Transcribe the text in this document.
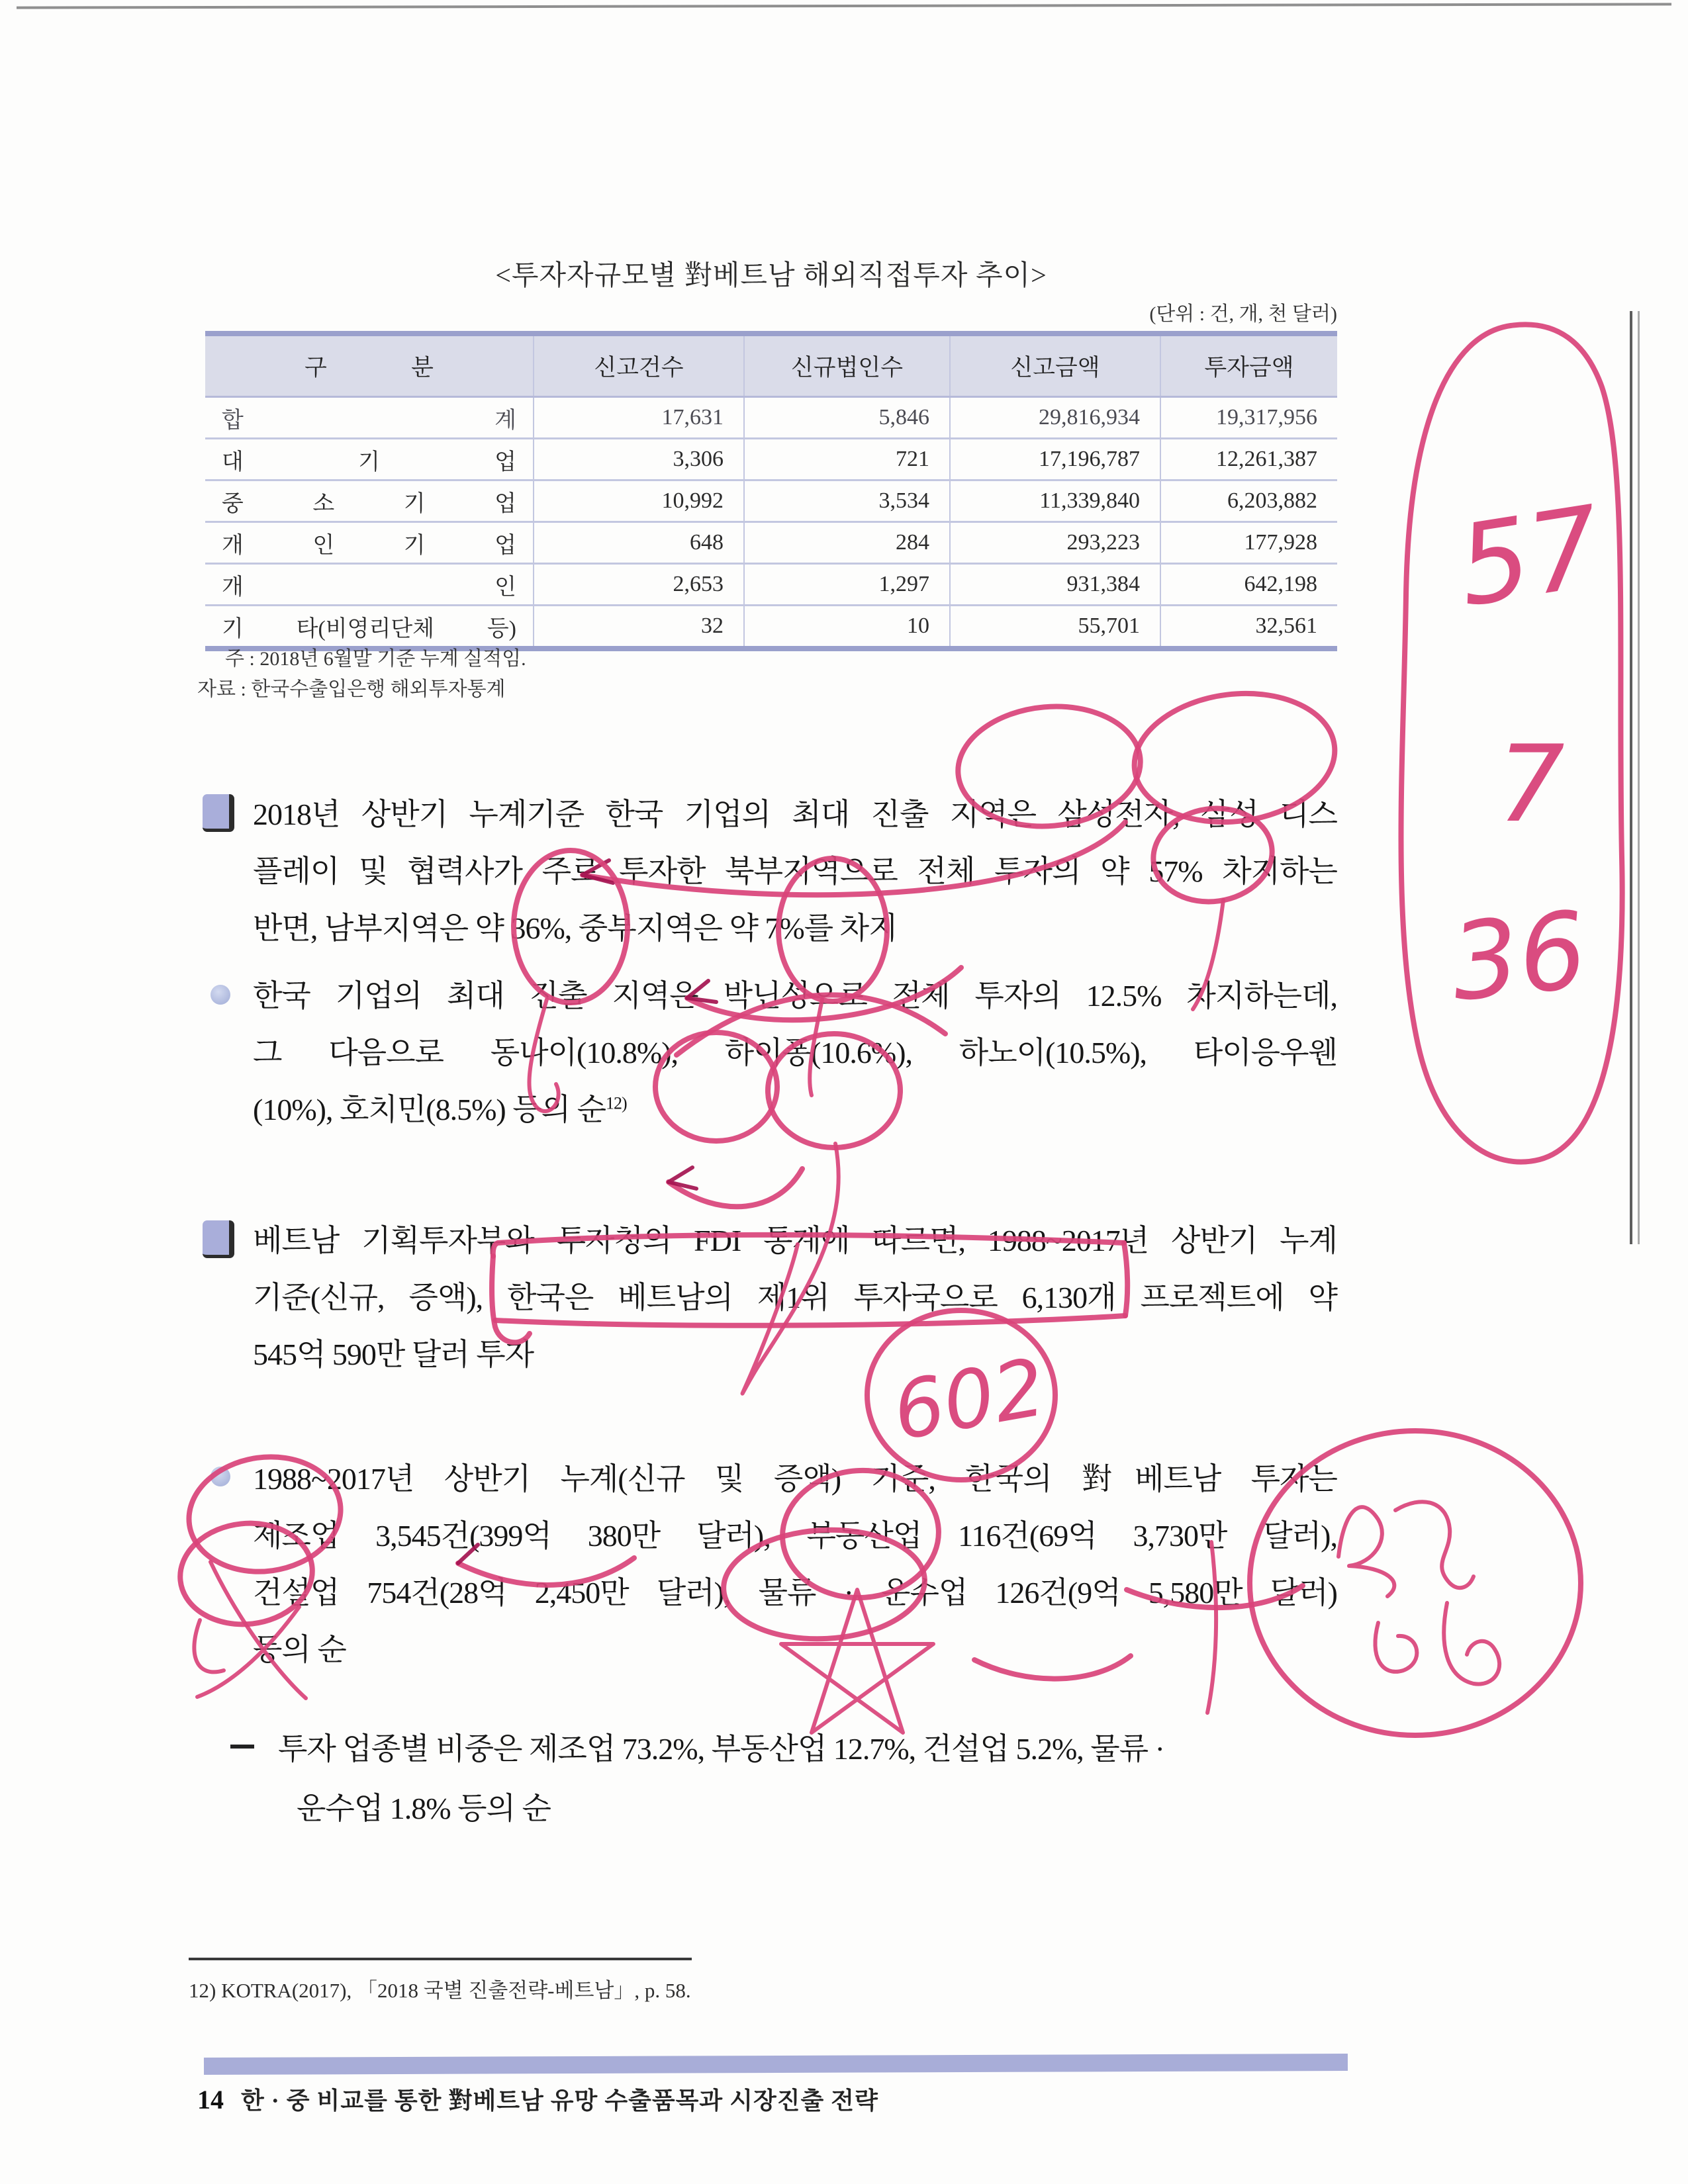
<투자자규모별 對베트남 해외직접투자 추이>
(단위 : 건, 개, 천 달러)
구 분	신고건수	신규법인수	신고금액	투자금액
합 계	17,631	5,846	29,816,934	19,317,956
대 기 업	3,306	721	17,196,787	12,261,387
중 소 기 업	10,992	3,534	11,339,840	6,203,882
개 인 기 업	648	284	293,223	177,928
개 인	2,653	1,297	931,384	642,198
기 타(비영리단체 등)	32	10	55,701	32,561
주 : 2018년 6월말 기준 누계 실적임.
자료 : 한국수출입은행 해외투자통계
2018년 상반기 누계기준 한국 기업의 최대 진출 지역은 삼성전자, 삼성 디스
플레이 및 협력사가 주로 투자한 북부지역으로 전체 투자의 약 57% 차지하는
반면, 남부지역은 약 36%, 중부지역은 약 7%를 차지
한국 기업의 최대 진출 지역은 박닌성으로 전체 투자의 12.5% 차지하는데,
그 다음으로 동나이(10.8%), 하이퐁(10.6%), 하노이(10.5%), 타이응우웬
(10%), 호치민(8.5%) 등의 순$^{12)}$
베트남 기획투자부와 투자청의 FDI 통계에 따르면, 1988~2017년 상반기 누계
기준(신규, 증액), 한국은 베트남의 제1위 투자국으로 6,130개 프로젝트에 약
545억 590만 달러 투자
1988~2017년 상반기 누계(신규 및 증액) 기준, 한국의 對베트남 투자는
제조업 3,545건(399억 380만 달러), 부동산업 116건(69억 3,730만 달러),
건설업 754건(28억 2,450만 달러), 물류 · 운수업 126건(9억 5,580만 달러)
등의 순
투자 업종별 비중은 제조업 73.2%, 부동산업 12.7%, 건설업 5.2%, 물류 ·
운수업 1.8% 등의 순
12) KOTRA(2017), 「2018 국별 진출전략-베트남」, p. 58.
14 한 · 중 비교를 통한 對베트남 유망 수출품목과 시장진출 전략
602
57
7
36
